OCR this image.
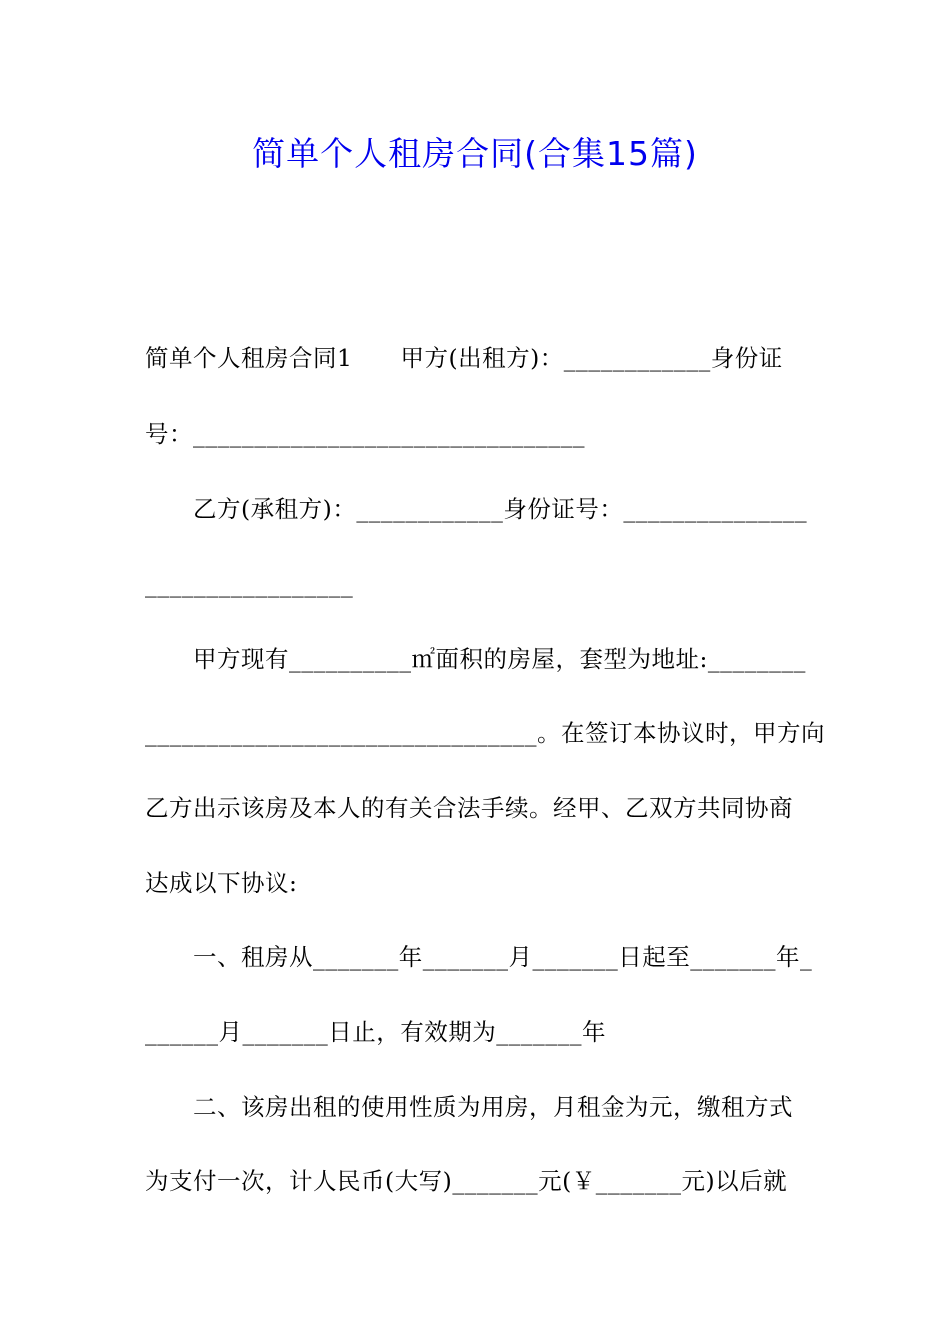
简单个人租房合同(合集15篇)
简单个人租房合同1　　甲方(出租方)：____________身份证
号：________________________________
乙方(承租方)：____________身份证号：_______________
_________________
甲方现有__________㎡面积的房屋，套型为地址:________
________________________________。在签订本协议时，甲方向
乙方出示该房及本人的有关合法手续。经甲、乙双方共同协商
达成以下协议:
一、租房从_______年_______月_______日起至_______年_
______月_______日止，有效期为_______年
二、该房出租的使用性质为用房，月租金为元，缴租方式
为支付一次，计人民币(大写)_______元(￥_______元)以后就
